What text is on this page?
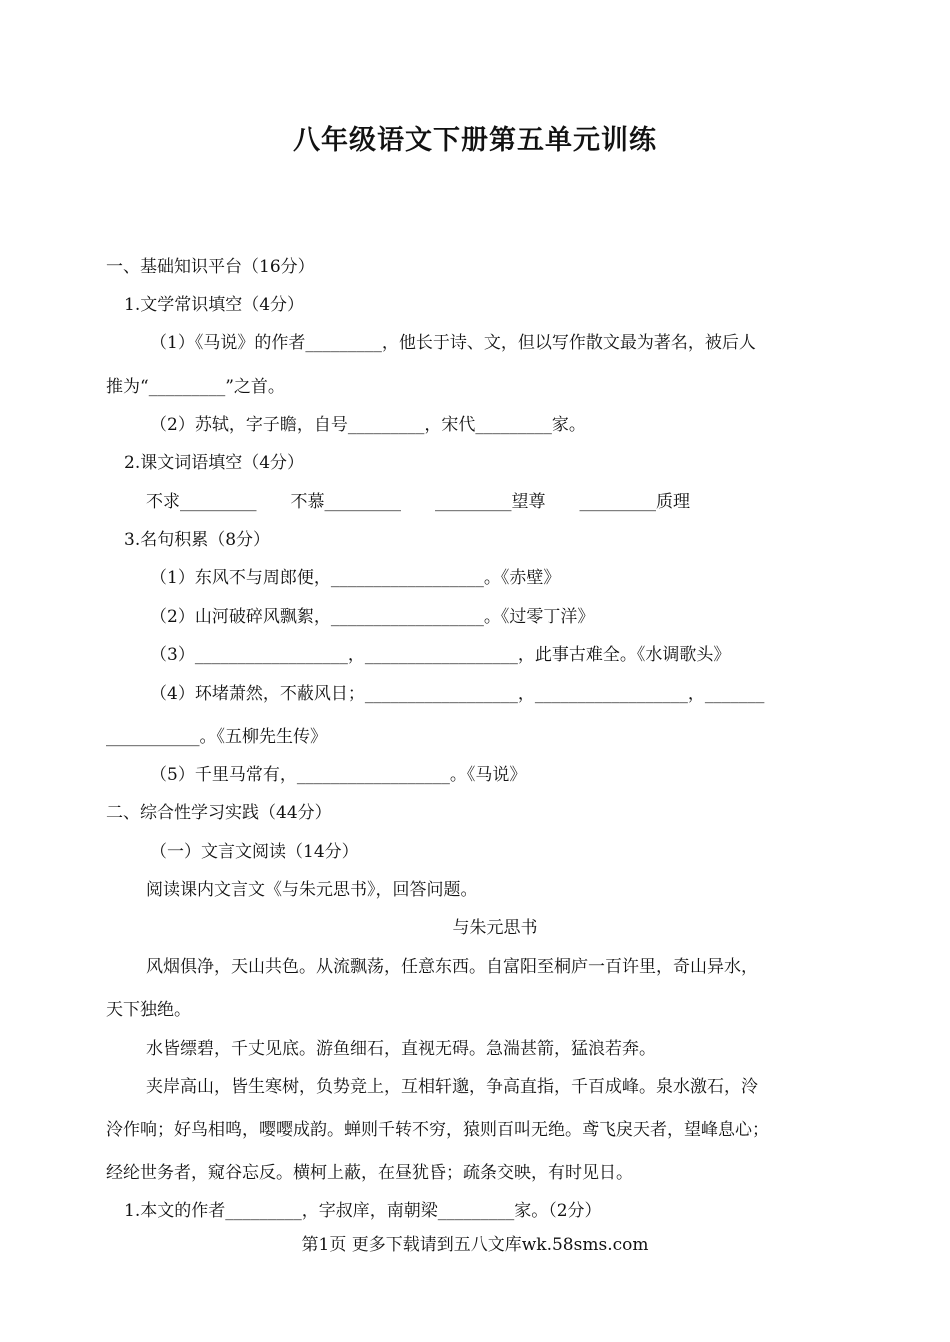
八年级语文下册第五单元训练
一、基础知识平台（16分）
1.文学常识填空（4分）
（1）《马说》的作者_________，他长于诗、文，但以写作散文最为著名，被后人
推为“_________”之首。
（2）苏轼，字子瞻，自号_________，宋代_________家。
2.课文词语填空（4分）
不求_________　　不慕_________　　_________望尊　　_________质理
3.名句积累（8分）
（1）东风不与周郎便，__________________。《赤壁》
（2）山河破碎风飘絮，__________________。《过零丁洋》
（3）__________________，__________________，此事古难全。《水调歌头》
（4）环堵萧然，不蔽风日；__________________，__________________，_______
___________。《五柳先生传》
（5）千里马常有，__________________。《马说》
二、综合性学习实践（44分）
（一）文言文阅读（14分）
阅读课内文言文《与朱元思书》，回答问题。
与朱元思书
风烟俱净，天山共色。从流飘荡，任意东西。自富阳至桐庐一百许里，奇山异水，
天下独绝。
水皆缥碧，千丈见底。游鱼细石，直视无碍。急湍甚箭，猛浪若奔。
夹岸高山，皆生寒树，负势竞上，互相轩邈，争高直指，千百成峰。泉水激石，泠
泠作响；好鸟相鸣，嘤嘤成韵。蝉则千转不穷，猿则百叫无绝。鸢飞戾天者，望峰息心；
经纶世务者，窥谷忘反。横柯上蔽，在昼犹昏；疏条交映，有时见日。
1.本文的作者_________，字叔庠，南朝梁_________家。（2分）
第1页 更多下载请到五八文库wk.58sms.com
